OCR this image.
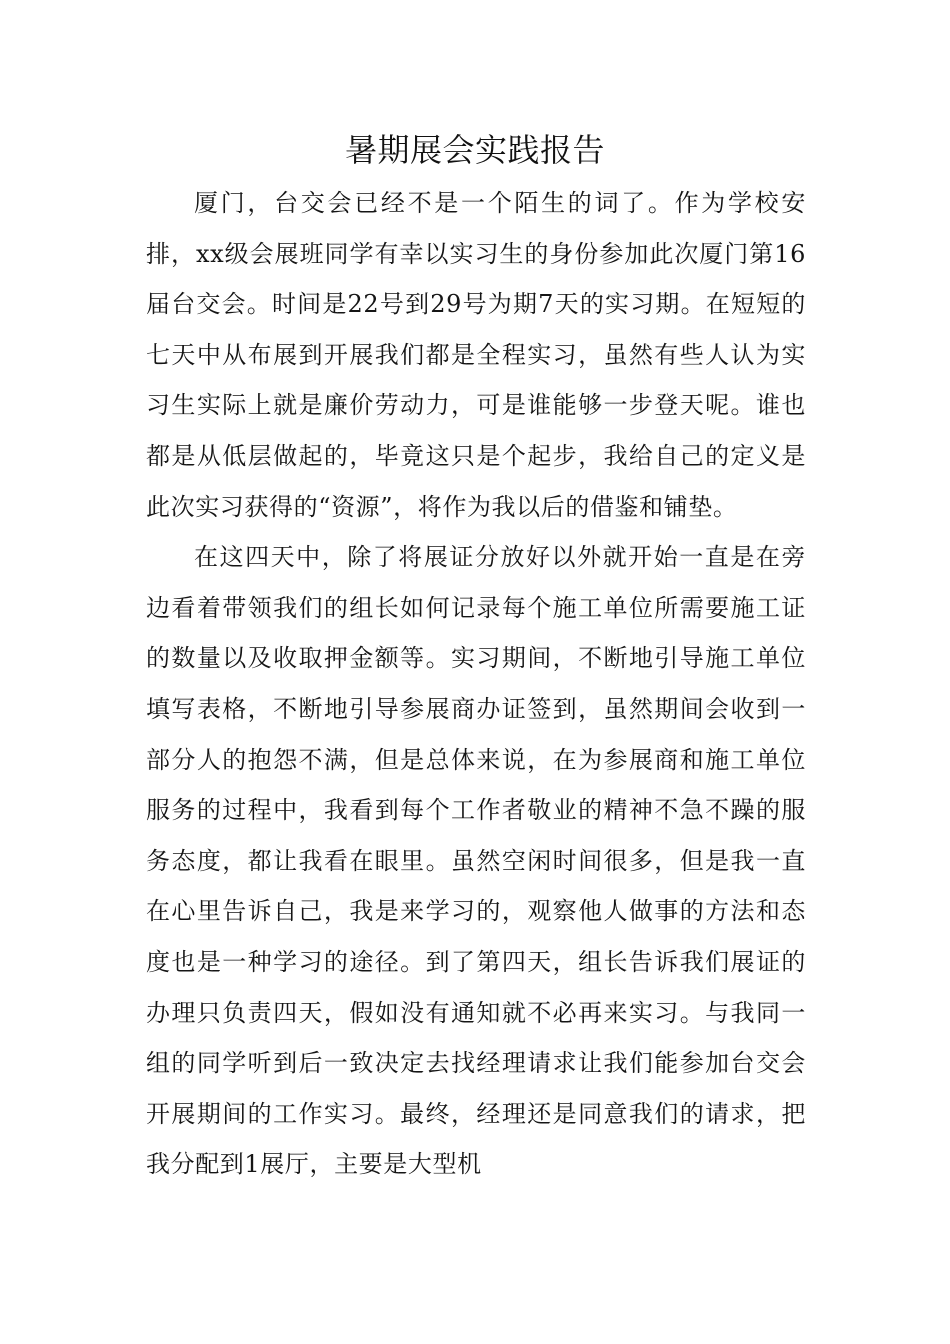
暑期展会实践报告

厦门，台交会已经不是一个陌生的词了。作为学校安排，xx级会展班同学有幸以实习生的身份参加此次厦门第16届台交会。时间是22号到29号为期7天的实习期。在短短的七天中从布展到开展我们都是全程实习，虽然有些人认为实习生实际上就是廉价劳动力，可是谁能够一步登天呢。谁也都是从低层做起的，毕竟这只是个起步，我给自己的定义是此次实习获得的“资源”，将作为我以后的借鉴和铺垫。

在这四天中，除了将展证分放好以外就开始一直是在旁边看着带领我们的组长如何记录每个施工单位所需要施工证的数量以及收取押金额等。实习期间，不断地引导施工单位填写表格，不断地引导参展商办证签到，虽然期间会收到一部分人的抱怨不满，但是总体来说，在为参展商和施工单位服务的过程中，我看到每个工作者敬业的精神不急不躁的服务态度，都让我看在眼里。虽然空闲时间很多，但是我一直在心里告诉自己，我是来学习的，观察他人做事的方法和态度也是一种学习的途径。到了第四天，组长告诉我们展证的办理只负责四天，假如没有通知就不必再来实习。与我同一组的同学听到后一致决定去找经理请求让我们能参加台交会开展期间的工作实习。最终，经理还是同意我们的请求，把我分配到1展厅，主要是大型机
